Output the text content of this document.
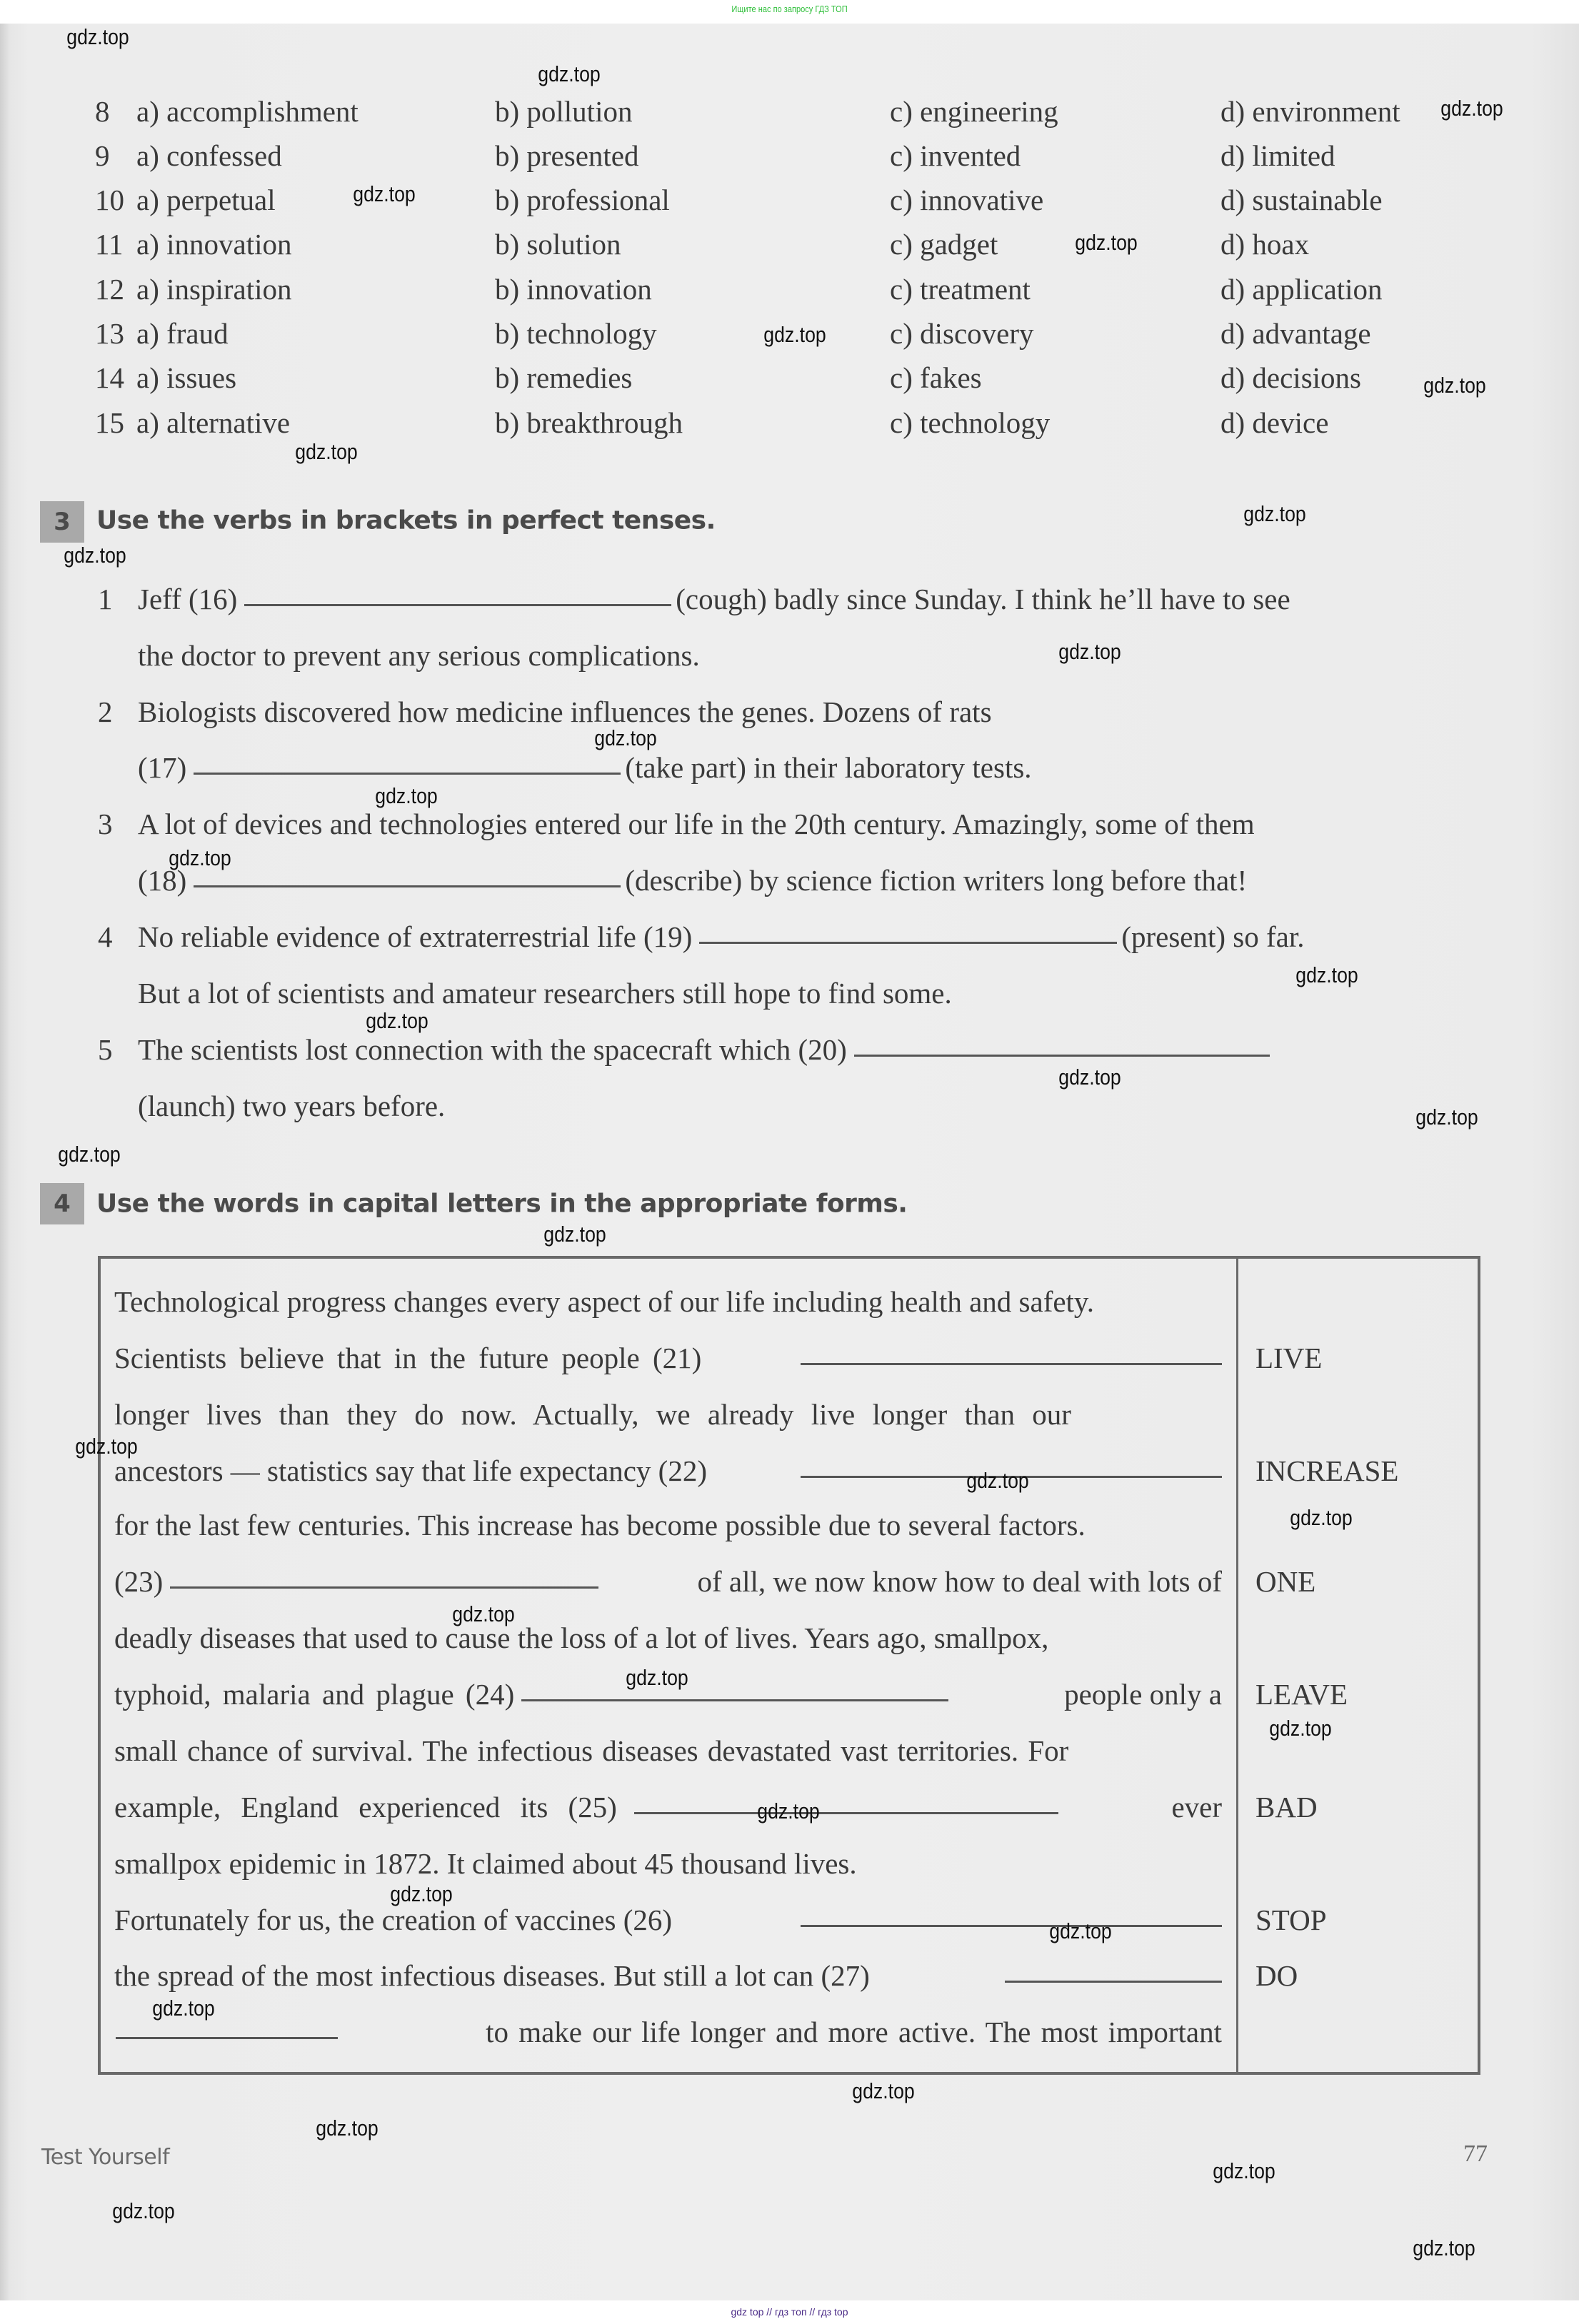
Ищите нас по запросу ГДЗ ТОП
8 a) accomplishment	b) pollution	c) engineering	d) environment
9 a) confessed	b) presented	c) invented	d) limited
10 a) perpetual	b) professional	c) innovative	d) sustainable
11 a) innovation	b) solution	c) gadget	d) hoax
12 a) inspiration	b) innovation	c) treatment	d) application
13 a) fraud	b) technology	c) discovery	d) advantage
14 a) issues	b) remedies	c) fakes	d) decisions
15 a) alternative	b) breakthrough	c) technology	d) device
3	Use the verbs in brackets in perfect tenses.
1 Jeff (16)	(cough) badly since Sunday. I think he’ll have to see
the doctor to prevent any serious complications.
2 Biologists discovered how medicine influences the genes. Dozens of rats
(17)	(take part) in their laboratory tests.
3 A lot of devices and technologies entered our life in the 20th century. Amazingly, some of them
(18)	(describe) by science fiction writers long before that!
4 No reliable evidence of extraterrestrial life (19)	(present) so far.
But a lot of scientists and amateur researchers still hope to find some.
5 The scientists lost connection with the spacecraft which (20)
(launch) two years before.
4	Use the words in capital letters in the appropriate forms.
Technological progress changes every aspect of our life including health and safety.
Scientists believe that in the future people (21)
longer lives than they do now. Actually, we already live longer than our
ancestors — statistics say that life expectancy (22)
for the last few centuries. This increase has become possible due to several factors.
(23)	of all, we now know how to deal with lots of
deadly diseases that used to cause the loss of a lot of lives. Years ago, smallpox,
typhoid, malaria and plague (24)	people only a
small chance of survival. The infectious diseases devastated vast territories. For
example, England experienced its (25)	ever
smallpox epidemic in 1872. It claimed about 45 thousand lives.
Fortunately for us, the creation of vaccines (26)
the spread of the most infectious diseases. But still a lot can (27)
to make our life longer and more active. The most important
LIVE
INCREASE
ONE
LEAVE
BAD
STOP
DO
Test Yourself	77
gdz.top
gdz.top
gdz.top
gdz.top
gdz.top
gdz.top
gdz.top
gdz.top
gdz.top
gdz.top
gdz.top
gdz.top
gdz.top
gdz.top
gdz.top
gdz.top
gdz.top
gdz.top
gdz.top
gdz.top
gdz.top
gdz.top
gdz.top
gdz.top
gdz.top
gdz.top
gdz.top
gdz.top
gdz.top
gdz.top
gdz.top
gdz.top
gdz.top
gdz.top
gdz.top
gdz top // гдз топ // гдз top
